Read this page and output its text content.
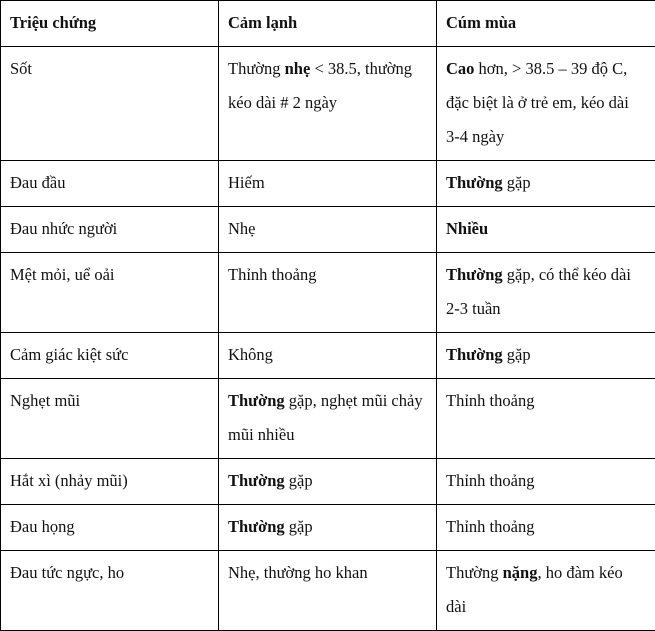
Triệu chứng	Cảm lạnh	Cúm mùa
Sốt	Thường nhẹ < 38.5, thường kéo dài # 2 ngày	Cao hơn, > 38.5 – 39 độ C, đặc biệt là ở trẻ em, kéo dài 3-4 ngày
Đau đầu	Hiếm	Thường gặp
Đau nhức người	Nhẹ	Nhiều
Mệt mỏi, uể oải	Thỉnh thoảng	Thường gặp, có thể kéo dài 2-3 tuần
Cảm giác kiệt sức	Không	Thường gặp
Nghẹt mũi	Thường gặp, nghẹt mũi chảy mũi nhiều	Thỉnh thoảng
Hắt xì (nhảy mũi)	Thường gặp	Thỉnh thoảng
Đau họng	Thường gặp	Thỉnh thoảng
Đau tức ngực, ho	Nhẹ, thường ho khan	Thường nặng, ho đàm kéo dài
